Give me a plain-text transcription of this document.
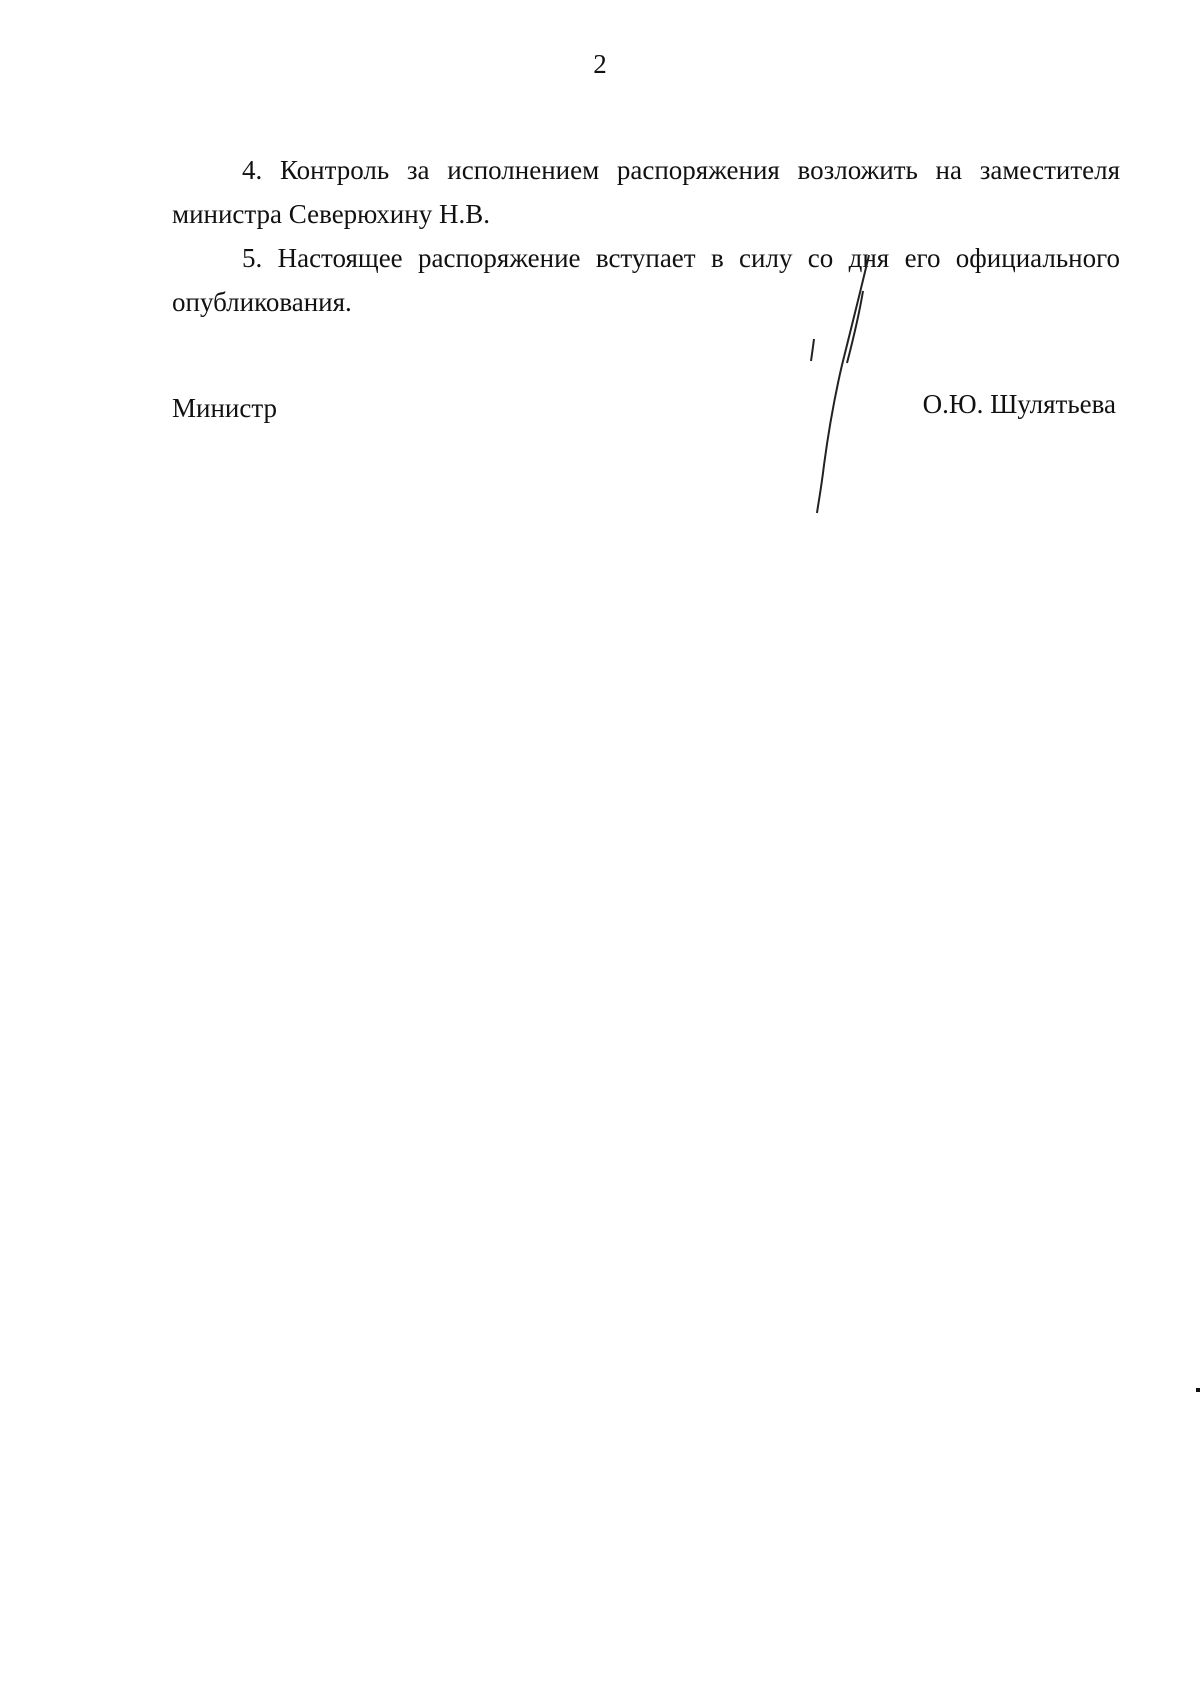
2

4. Контроль за исполнением распоряжения возложить на заместителя министра Северюхину Н.В.

5. Настоящее распоряжение вступает в силу со дня его официального опубликования.

Министр	О.Ю. Шулятьева
